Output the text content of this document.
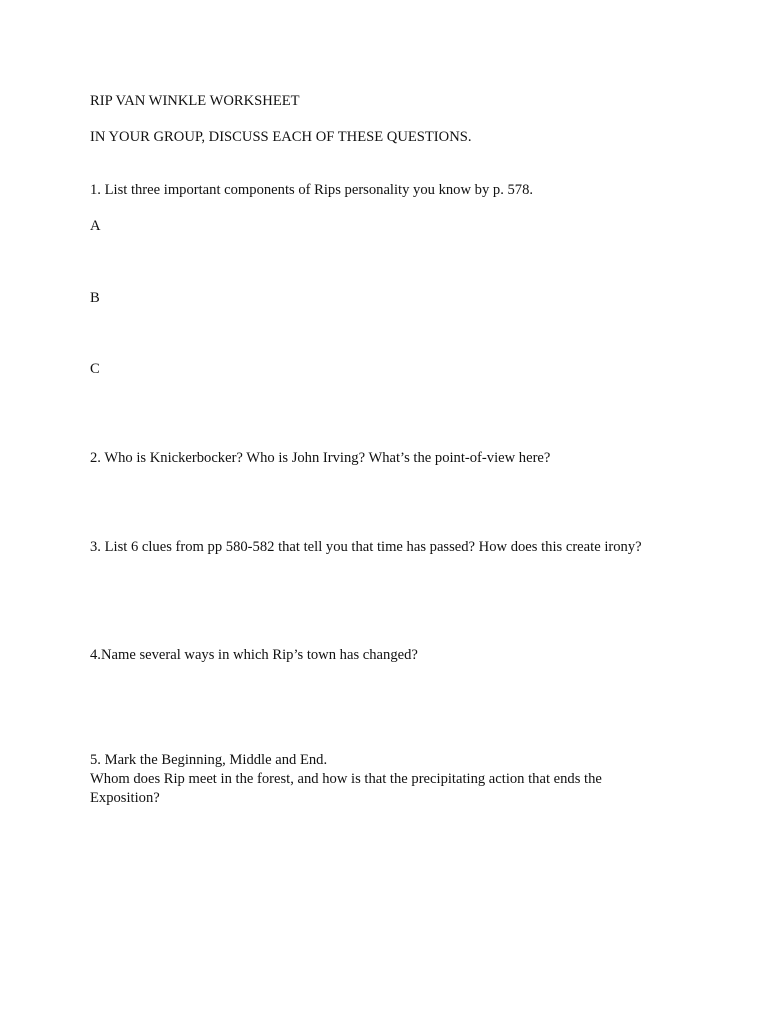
RIP VAN WINKLE WORKSHEET
IN YOUR GROUP, DISCUSS EACH OF THESE QUESTIONS.
1. List three important components of Rips personality you know by p. 578.
A
B
C
2. Who is Knickerbocker? Who is John Irving? What’s the point-of-view here?
3. List 6 clues from pp 580-582 that tell you that time has passed? How does this create irony?
4.Name several ways in which Rip’s town has changed?
5. Mark the Beginning, Middle and End.
Whom does Rip meet in the forest, and how is that the precipitating action that ends the Exposition?
